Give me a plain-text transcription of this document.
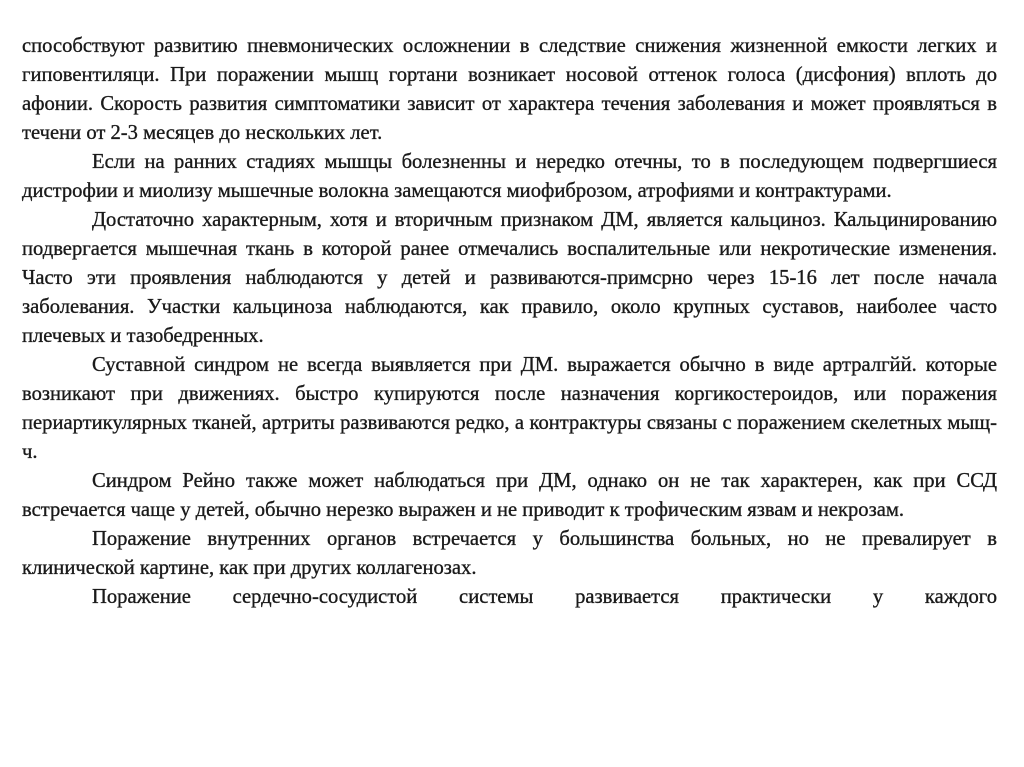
способствуют развитию пневмонических осложнении в следствие снижения жизненной емкости легких и гиповентиляци. При поражении мышц гортани возникает носовой оттенок голоса (дисфония) вплоть до афонии. Скорость развития симптоматики зависит от характера течения заболевания и может проявляться в течени от 2-3 месяцев до нескольких лет.

Если на ранних стадиях мышцы болезненны и нередко отечны, то в последующем подвергшиеся дистрофии и миолизу мышечные волокна замещаются миофиброзом, атрофиями и контрактурами.

Достаточно характерным, хотя и вторичным признаком ДМ, является кальциноз. Кальцинированию подвергается мышечная ткань в которой ранее отмечались воспалительные или некротические изменения. Часто эти проявления наблюдаются у детей и развиваются-примсрно через 15-16 лет после начала заболевания. Участки кальциноза наблюдаются, как правило, около крупных суставов, наиболее часто плечевых и тазобедренных.

Суставной синдром не всегда выявляется при ДМ. выражается обычно в виде артралгйй. которые возникают при движениях. быстро купируются после назначения коргикостероидов, или поражения периартикулярных тканей, артриты развиваются редко, а контрактуры связаны с поражением скелетных мыщ-ч.

Синдром Рейно также может наблюдаться при ДМ, однако он не так характерен, как при ССД встречается чаще у детей, обычно нерезко выражен и не приводит к трофическим язвам и некрозам.

Поражение внутренних органов встречается у большинства больных, но не превалирует в клинической картине, как при других коллагенозах.

Поражение сердечно-сосудистой системы развивается практически у каждого
